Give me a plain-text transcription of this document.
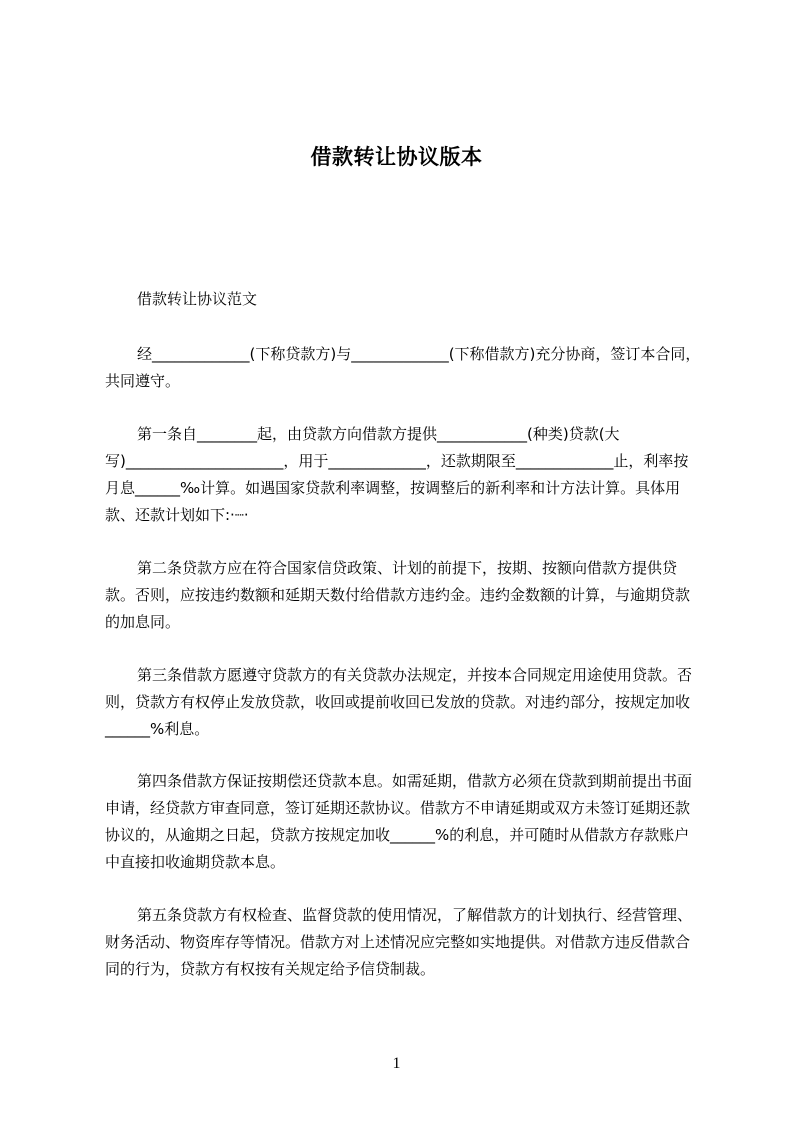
借款转让协议版本

借款转让协议范文

经_____________(下称贷款方)与_____________(下称借款方)充分协商，签订本合同，共同遵守。

第一条自________起，由贷款方向借款方提供____________(种类)贷款(大写)_____________________，用于_____________，还款期限至_____________止，利率按月息______‰计算。如遇国家贷款利率调整，按调整后的新利率和计方法计算。具体用款、还款计划如下:·┈·

第二条贷款方应在符合国家信贷政策、计划的前提下，按期、按额向借款方提供贷款。否则，应按违约数额和延期天数付给借款方违约金。违约金数额的计算，与逾期贷款的加息同。

第三条借款方愿遵守贷款方的有关贷款办法规定，并按本合同规定用途使用贷款。否则，贷款方有权停止发放贷款，收回或提前收回已发放的贷款。对违约部分，按规定加收______%利息。

第四条借款方保证按期偿还贷款本息。如需延期，借款方必须在贷款到期前提出书面申请，经贷款方审查同意，签订延期还款协议。借款方不申请延期或双方未签订延期还款协议的，从逾期之日起，贷款方按规定加收______%的利息，并可随时从借款方存款账户中直接扣收逾期贷款本息。

第五条贷款方有权检查、监督贷款的使用情况，了解借款方的计划执行、经营管理、财务活动、物资库存等情况。借款方对上述情况应完整如实地提供。对借款方违反借款合同的行为，贷款方有权按有关规定给予信贷制裁。

1
